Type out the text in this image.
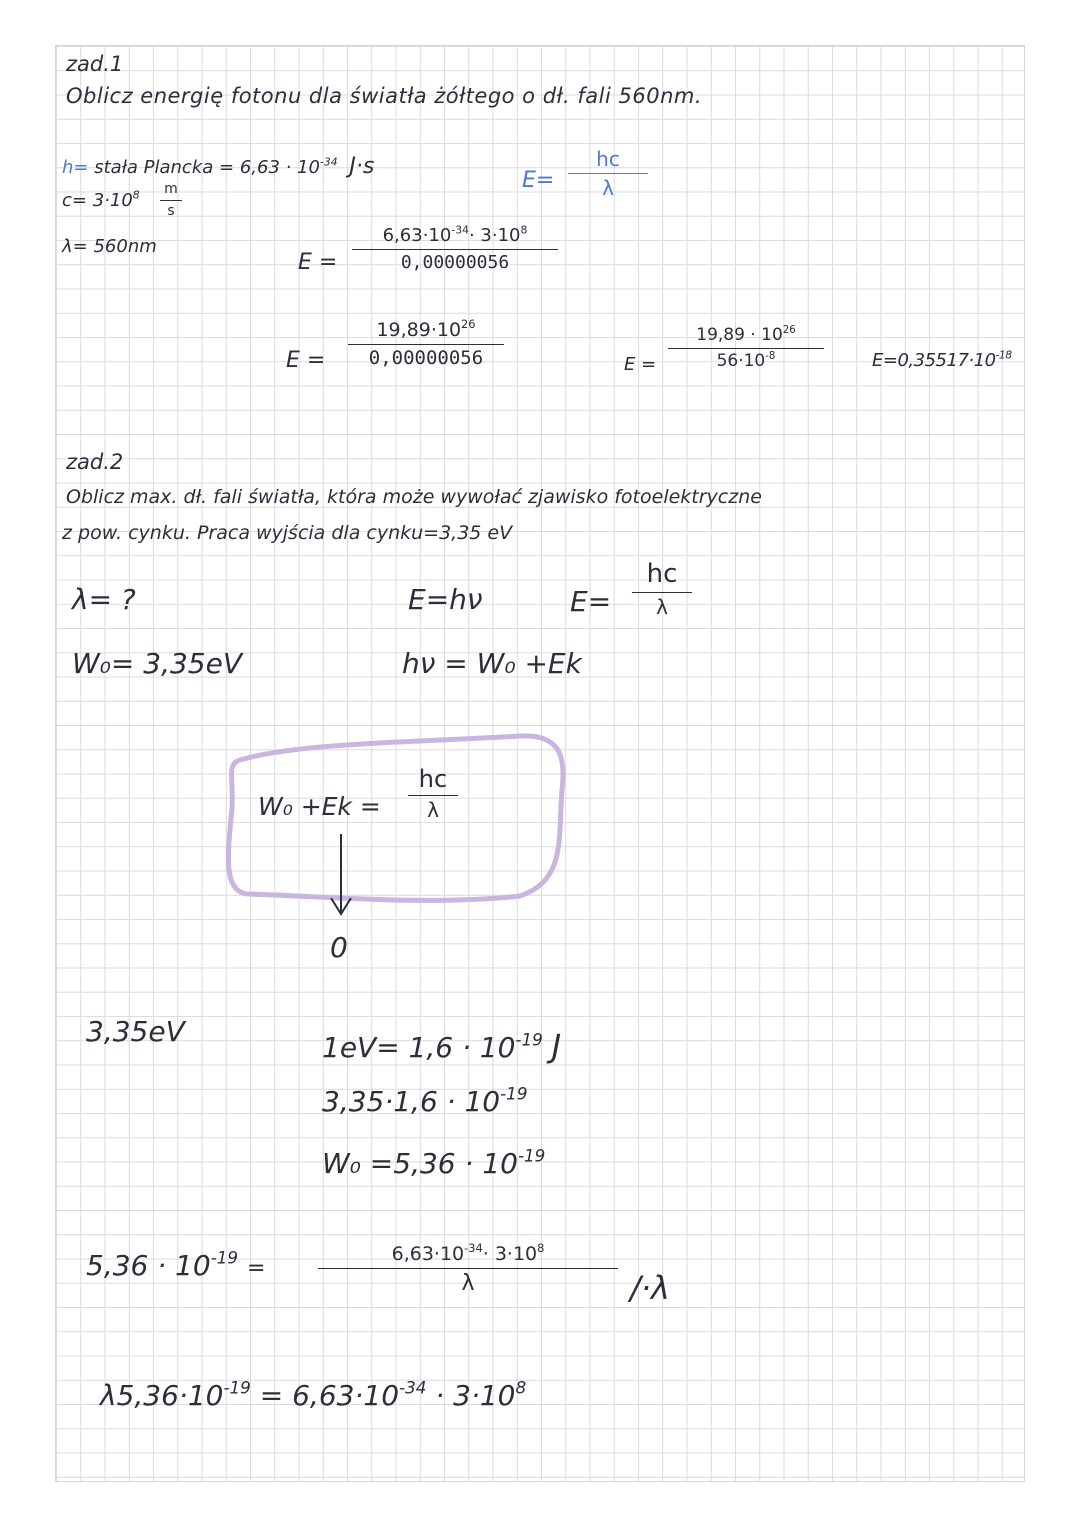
zad.1
Oblicz energię fotonu dla światła żółtego o dł. fali 560nm.
h= stała Plancka = $6,63 \cdot 10^{-34}$ J·s
$c= 3\cdot 10^8$ m
s
λ= 560nm
E=
hc
λ
E =
$6,63\cdot 10^{-34}\cdot 3\cdot 10^8$
0,00000056
E =
$19,89\cdot 10^{26}$
0,00000056	E =
$19,89 \cdot 10^{26}$
$56\cdot 10^{-8}$	$E=0,35517\cdot 10^{-18}$
zad.2
Oblicz max. dł. fali światła, która może wywołać zjawisko fotoelektryczne
z pow. cynku. Praca wyjścia dla cynku=3,35 eV
λ= ?	E=hν	E=
hc
λ
W₀= 3,35eV	hν = W₀ +Ek
W₀ +Ek =
hc
λ
0
3,35eV	$1eV= 1,6 \cdot 10^{-19}$ J
$3,35\cdot 1,6 \cdot 10^{-19}$
$W_0 =5,36 \cdot 10^{-19}$
$5,36 \cdot 10^{-19}$ =
$6,63\cdot 10^{-34}\cdot 3\cdot 10^8$
λ	/·λ
$\lambda 5,36\cdot 10^{-19} = 6,63\cdot 10^{-34} \cdot 3\cdot 10^8$
